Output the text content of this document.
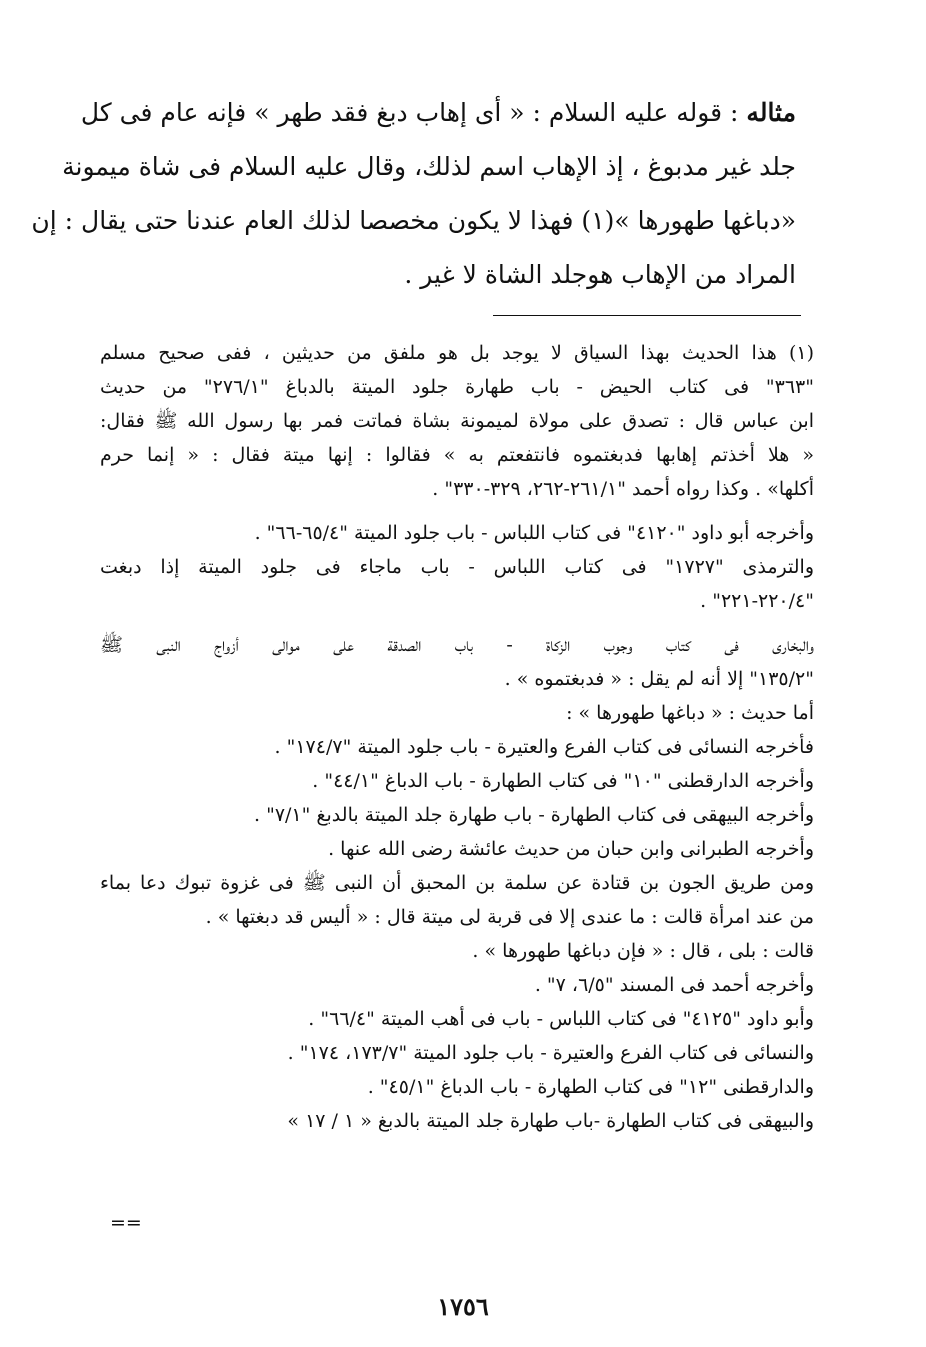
مثاله : قوله عليه السلام : « أى إهاب دبغ فقد طهر » فإنه عام فى كل
جلد غير مدبوغ ، إذ الإهاب اسم لذلك، وقال عليه السلام فى شاة ميمونة
«دباغها طهورها »(١) فهذا لا يكون مخصصا لذلك العام عندنا حتى يقال : إن
المراد من الإهاب هوجلد الشاة لا غير .
(١) هذا الحديث بهذا السياق لا يوجد بل هو ملفق من حديثين ، ففى صحيح مسلم
"٣٦٣" فى كتاب الحيض - باب طهارة جلود الميتة بالدباغ "٢٧٦/١" من حديث
ابن عباس قال : تصدق على مولاة لميمونة بشاة فماتت فمر بها رسول الله ﷺ فقال:
« هلا أخذتم إهابها فدبغتموه فانتفعتم به » فقالوا : إنها ميتة فقال : « إنما حرم
أكلها» . وكذا رواه أحمد "٢٦١/١-٢٦٢، ٣٢٩-٣٣٠" .
وأخرجه أبو داود "٤١٢٠" فى كتاب اللباس - باب جلود الميتة "٦٥/٤-٦٦" .
والترمذى "١٧٢٧" فى كتاب اللباس - باب ماجاء فى جلود الميتة إذا دبغت
"٢٢٠/٤-٢٢١" .
والبخارى فى كتاب وجوب الزكاة - باب الصدقة على موالى أزواج النبى ﷺ
"١٣٥/٢" إلا أنه لم يقل : « فدبغتموه » .
أما حديث : « دباغها طهورها » :
فأخرجه النسائى فى كتاب الفرع والعتيرة - باب جلود الميتة "١٧٤/٧" .
وأخرجه الدارقطنى "١٠" فى كتاب الطهارة - باب الدباغ "٤٤/١" .
وأخرجه البيهقى فى كتاب الطهارة - باب طهارة جلد الميتة بالدبغ "٧/١" .
وأخرجه الطبرانى وابن حبان من حديث عائشة رضى الله عنها .
ومن طريق الجون بن قتادة عن سلمة بن المحبق أن النبى ﷺ فى غزوة تبوك دعا بماء
من عند امرأة قالت : ما عندى إلا فى قربة لى ميتة قال : « أليس قد دبغتها » .
قالت : بلى ، قال : « فإن دباغها طهورها » .
وأخرجه أحمد فى المسند "٦/٥، ٧" .
وأبو داود "٤١٢٥" فى كتاب اللباس - باب فى أهب الميتة "٦٦/٤" .
والنسائى فى كتاب الفرع والعتيرة - باب جلود الميتة "١٧٣/٧، ١٧٤" .
والدارقطنى "١٢" فى كتاب الطهارة - باب الدباغ "٤٥/١" .
والبيهقى فى كتاب الطهارة -باب طهارة جلد الميتة بالدبغ « ١ / ١٧ »
==
١٧٥٦
